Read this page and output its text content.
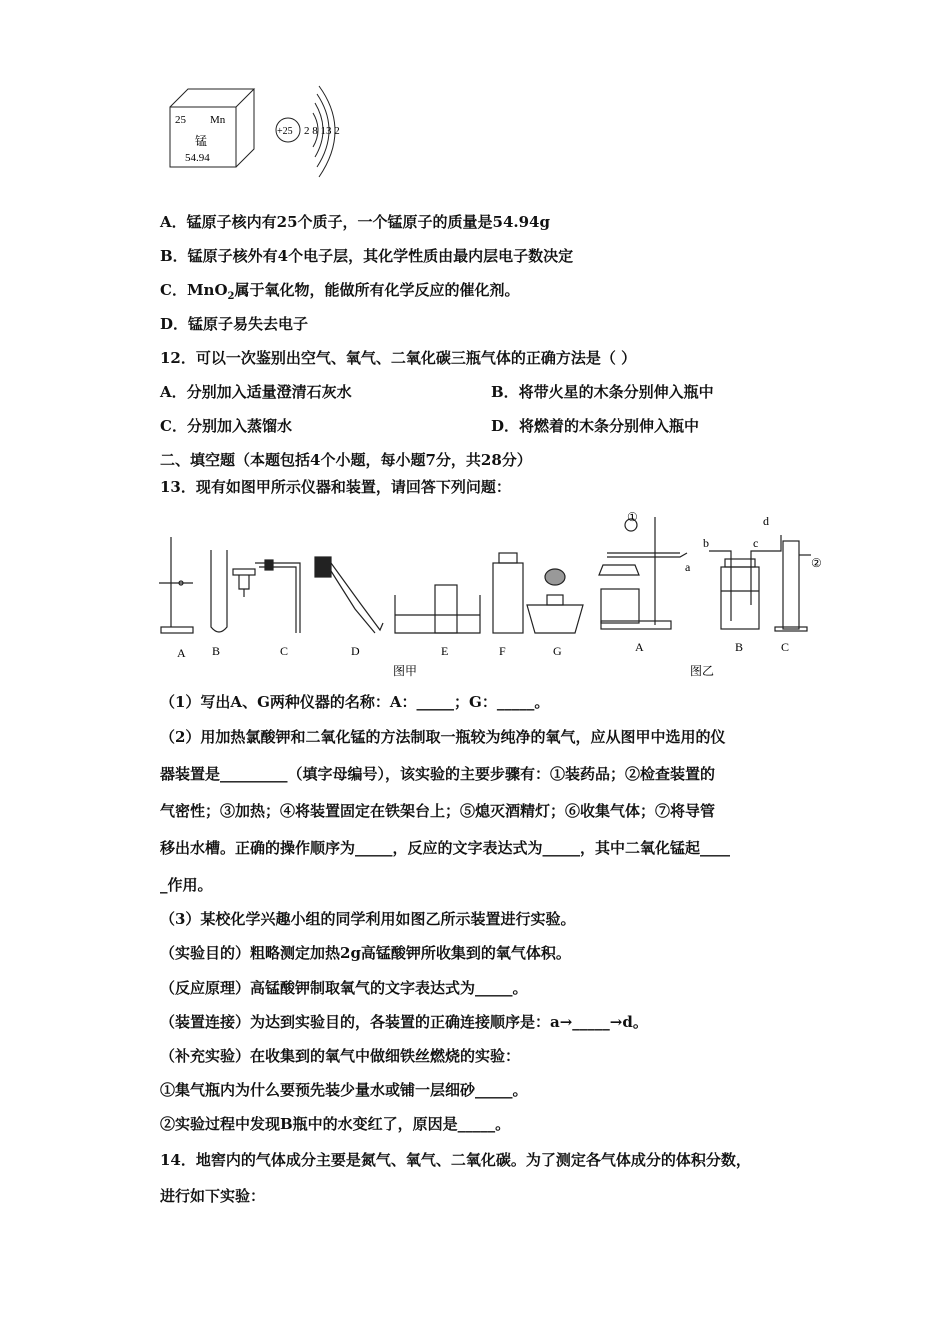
25 Mn
锰
54.94
+25 2 8 13 2
A．锰原子核内有25个质子，一个锰原子的质量是54.94g
B．锰原子核外有4个电子层，其化学性质由最内层电子数决定
C．MnO$_2$属于氧化物，能做所有化学反应的催化剂。
D．锰原子易失去电子
12．可以一次鉴别出空气、氧气、二氧化碳三瓶气体的正确方法是（ ）
A．分别加入适量澄清石灰水	B．将带火星的木条分别伸入瓶中
C．分别加入蒸馏水	D．将燃着的木条分别伸入瓶中
二、填空题（本题包括4个小题，每小题7分，共28分）
13．现有如图甲所示仪器和装置，请回答下列问题：
A B	C	D	E	F	G
图甲
A	B	C
a
b	c
d
①
②
图乙
（1）写出A、G两种仪器的名称：A：_____；G：_____。
（2）用加热氯酸钾和二氧化锰的方法制取一瓶较为纯净的氧气，应从图甲中选用的仪
器装置是_________（填字母编号），该实验的主要步骤有：①装药品；②检查装置的
气密性；③加热；④将装置固定在铁架台上；⑤熄灭酒精灯；⑥收集气体；⑦将导管
移出水槽。正确的操作顺序为_____，反应的文字表达式为_____，其中二氧化锰起____
_作用。
（3）某校化学兴趣小组的同学利用如图乙所示装置进行实验。
（实验目的）粗略测定加热2g高锰酸钾所收集到的氧气体积。
（反应原理）高锰酸钾制取氧气的文字表达式为_____。
（装置连接）为达到实验目的，各装置的正确连接顺序是：a→_____→d。
（补充实验）在收集到的氧气中做细铁丝燃烧的实验：
①集气瓶内为什么要预先装少量水或铺一层细砂_____。
②实验过程中发现B瓶中的水变红了，原因是_____。
14．地窖内的气体成分主要是氮气、氧气、二氧化碳。为了测定各气体成分的体积分数，
进行如下实验：
